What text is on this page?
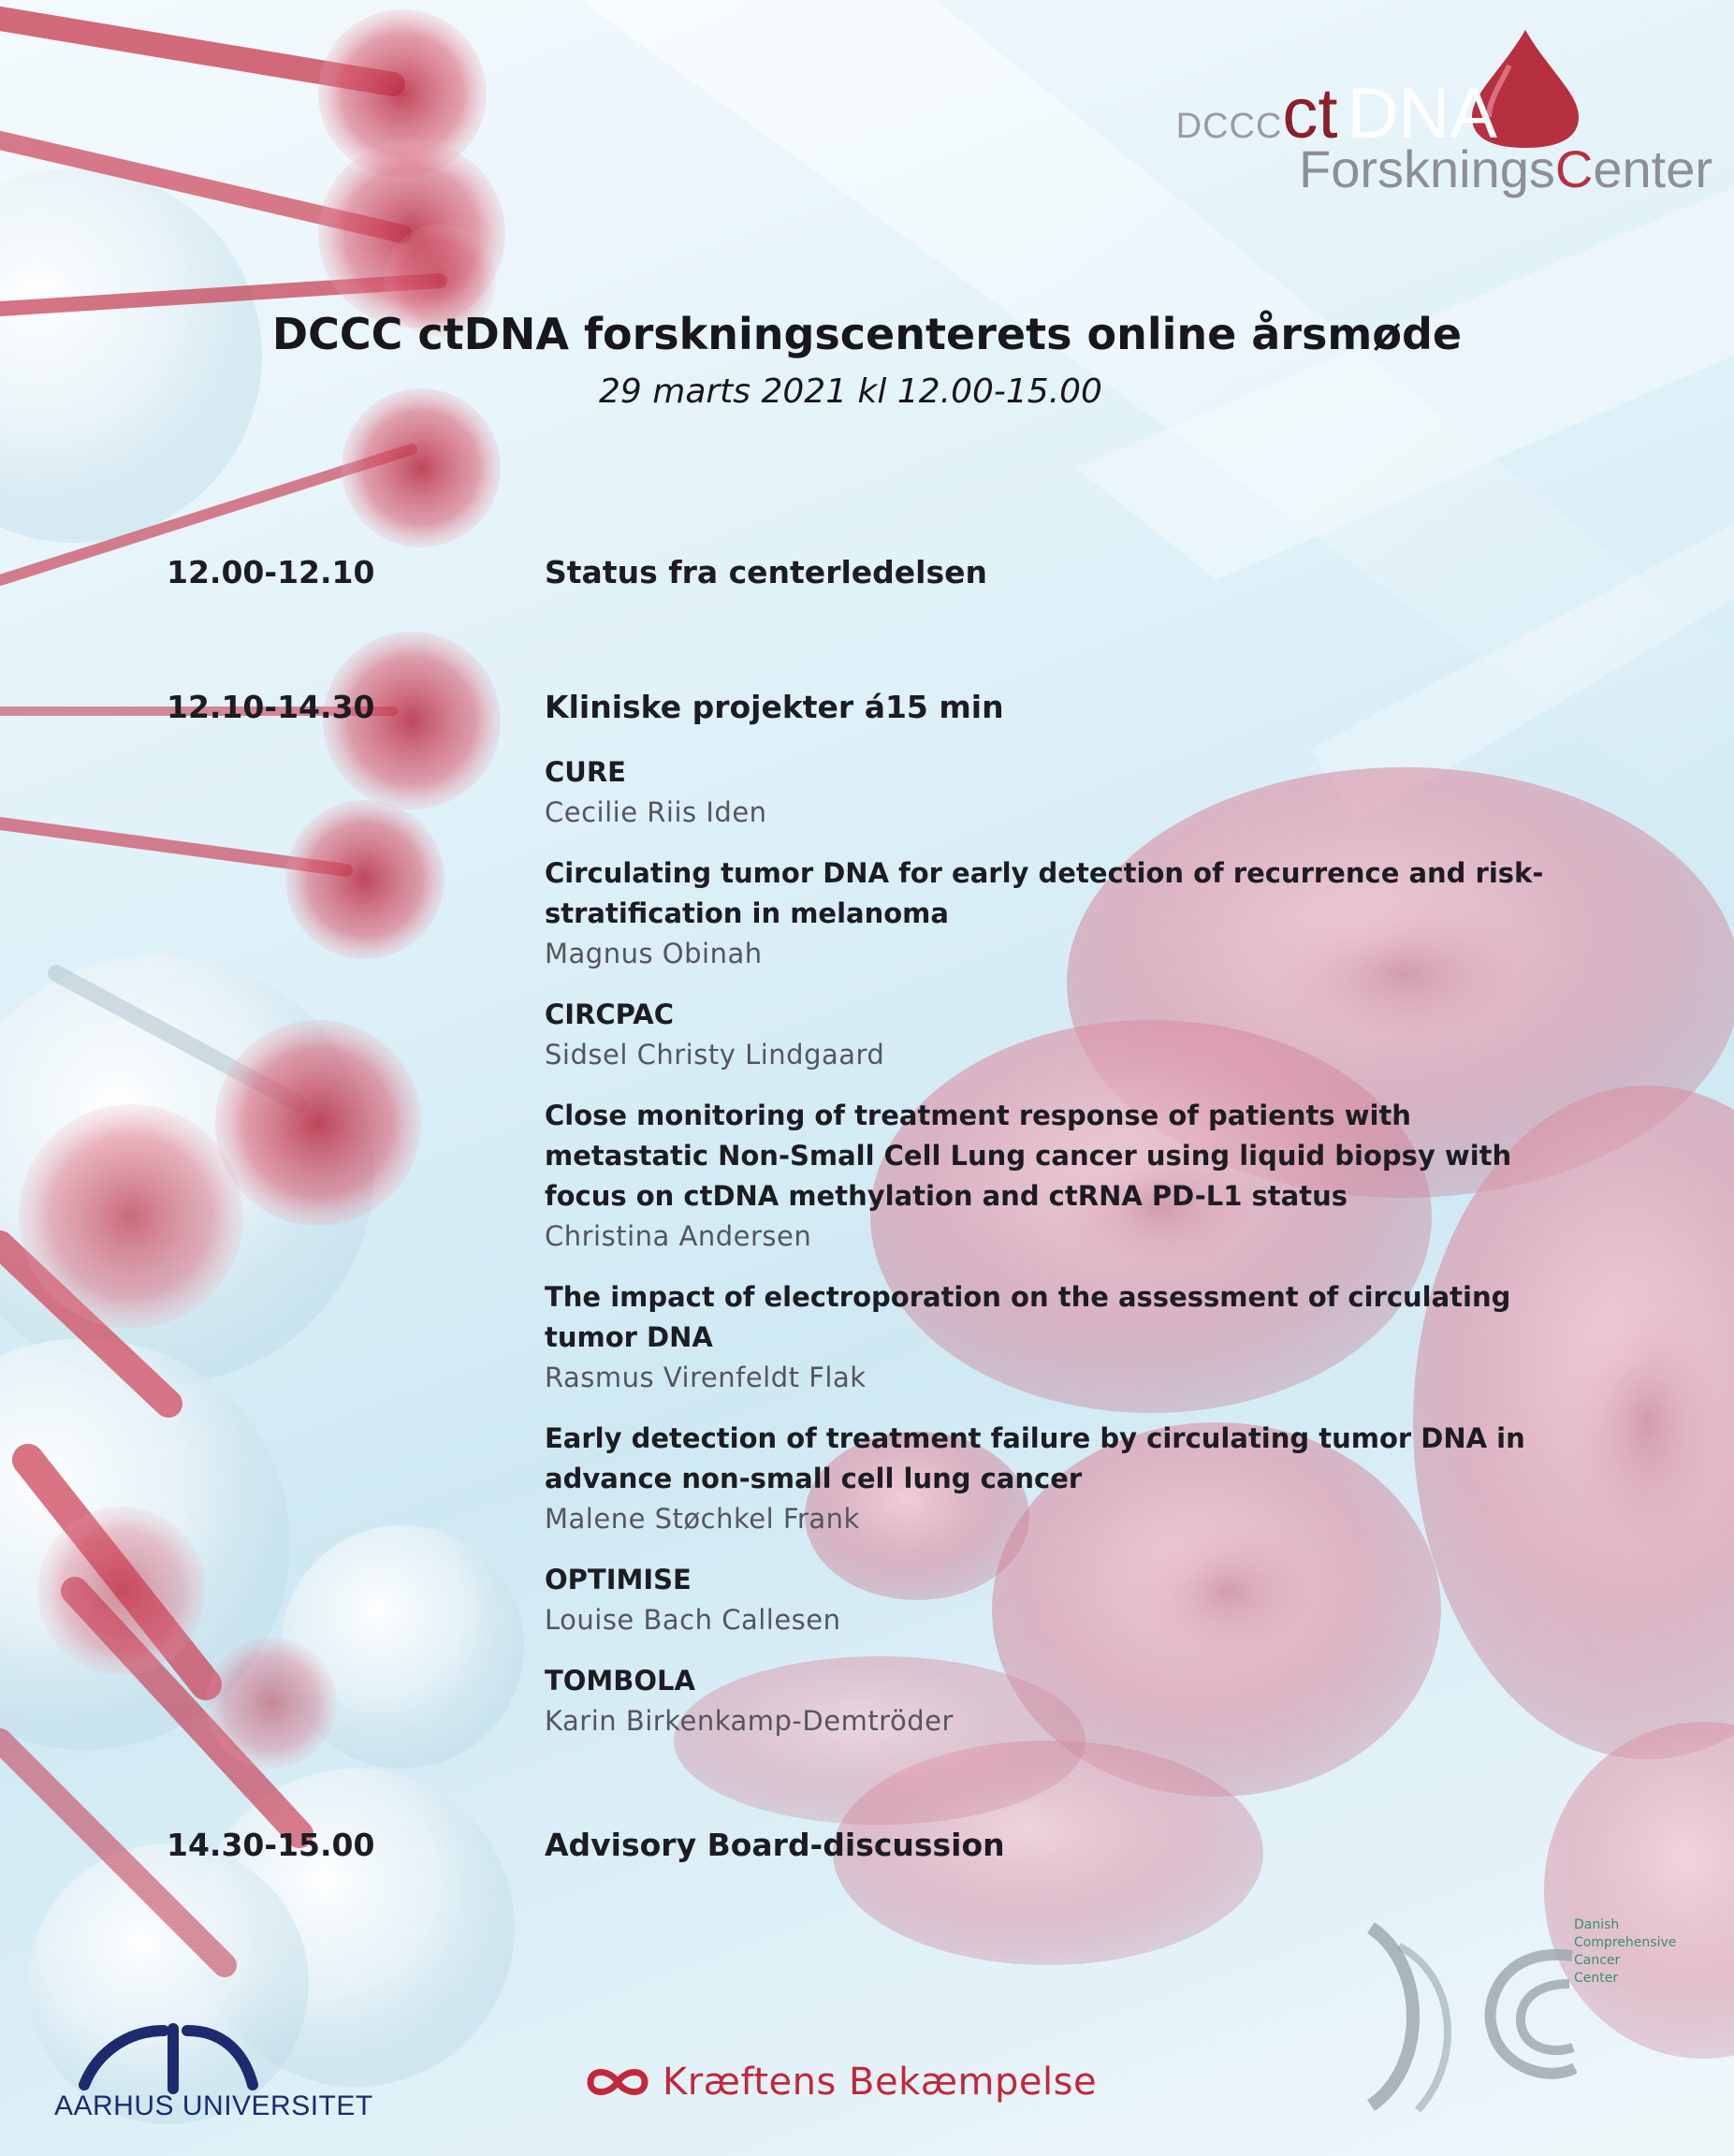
DCCCct DNA
ForskningsCenter
DCCC ctDNA forskningscenterets online årsmøde
29 marts 2021 kl 12.00-15.00
12.00-12.10	Status fra centerledelsen
12.10-14.30	Kliniske projekter á15 min
CURE
Cecilie Riis Iden
Circulating tumor DNA for early detection of recurrence and risk-stratification in melanoma
Magnus Obinah
CIRCPAC
Sidsel Christy Lindgaard
Close monitoring of treatment response of patients with metastatic Non-Small Cell Lung cancer using liquid biopsy with focus on ctDNA methylation and ctRNA PD-L1 status
Christina Andersen
The impact of electroporation on the assessment of circulating tumor DNA
Rasmus Virenfeldt Flak
Early detection of treatment failure by circulating tumor DNA in advance non-small cell lung cancer
Malene Støchkel Frank
OPTIMISE
Louise Bach Callesen
TOMBOLA
Karin Birkenkamp-Demtröder
14.30-15.00	Advisory Board-discussion
AARHUS UNIVERSITET
Kræftens Bekæmpelse
Danish
Comprehensive
Cancer
Center
